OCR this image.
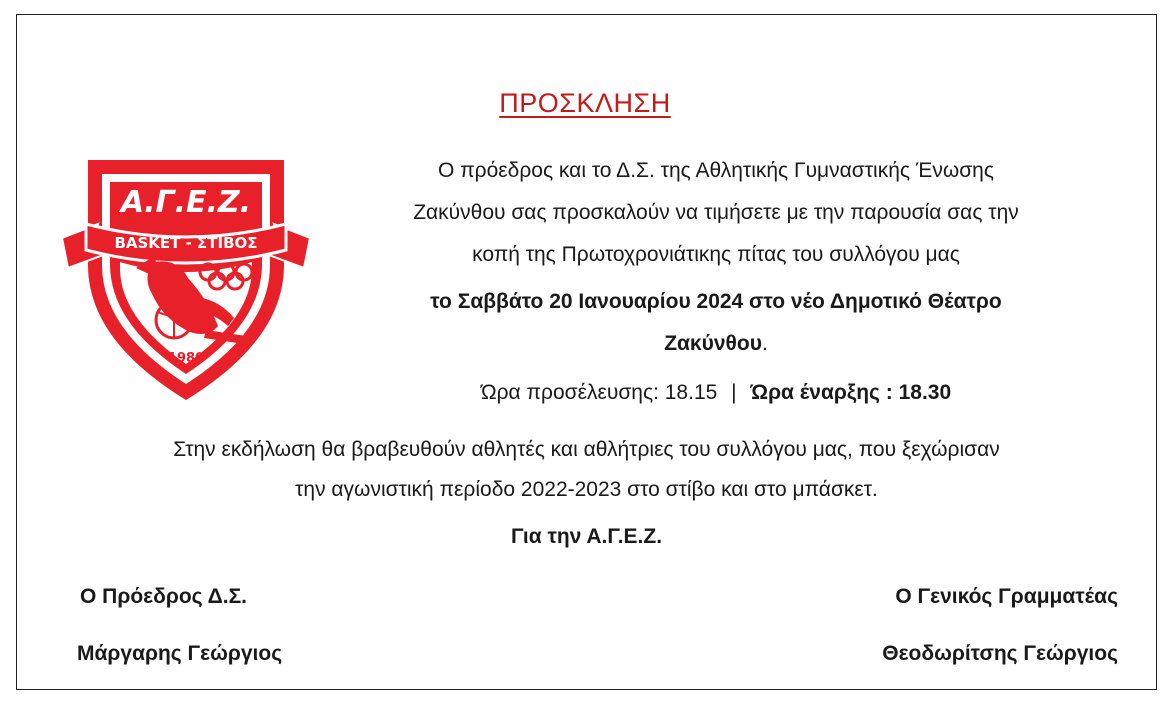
ΠΡΟΣΚΛΗΣΗ
Α.Γ.Ε.Ζ.
BASKET - ΣΤΙΒΟΣ
1980
Ο πρόεδρος και το Δ.Σ. της Αθλητικής Γυμναστικής Ένωσης
Ζακύνθου σας προσκαλούν να τιμήσετε με την παρουσία σας την
κοπή της Πρωτοχρονιάτικης πίτας του συλλόγου μας
το Σαββάτο 20 Ιανουαρίου 2024 στο νέο Δημοτικό Θέατρο
Ζακύνθου.
Ώρα προσέλευσης: 18.15 | Ώρα έναρξης : 18.30
Στην εκδήλωση θα βραβευθούν αθλητές και αθλήτριες του συλλόγου μας, που ξεχώρισαν
την αγωνιστική περίοδο 2022-2023 στο στίβο και στο μπάσκετ.
Για την Α.Γ.Ε.Ζ.
Ο Πρόεδρος Δ.Σ.
Μάργαρης Γεώργιος
Ο Γενικός Γραμματέας
Θεοδωρίτσης Γεώργιος
